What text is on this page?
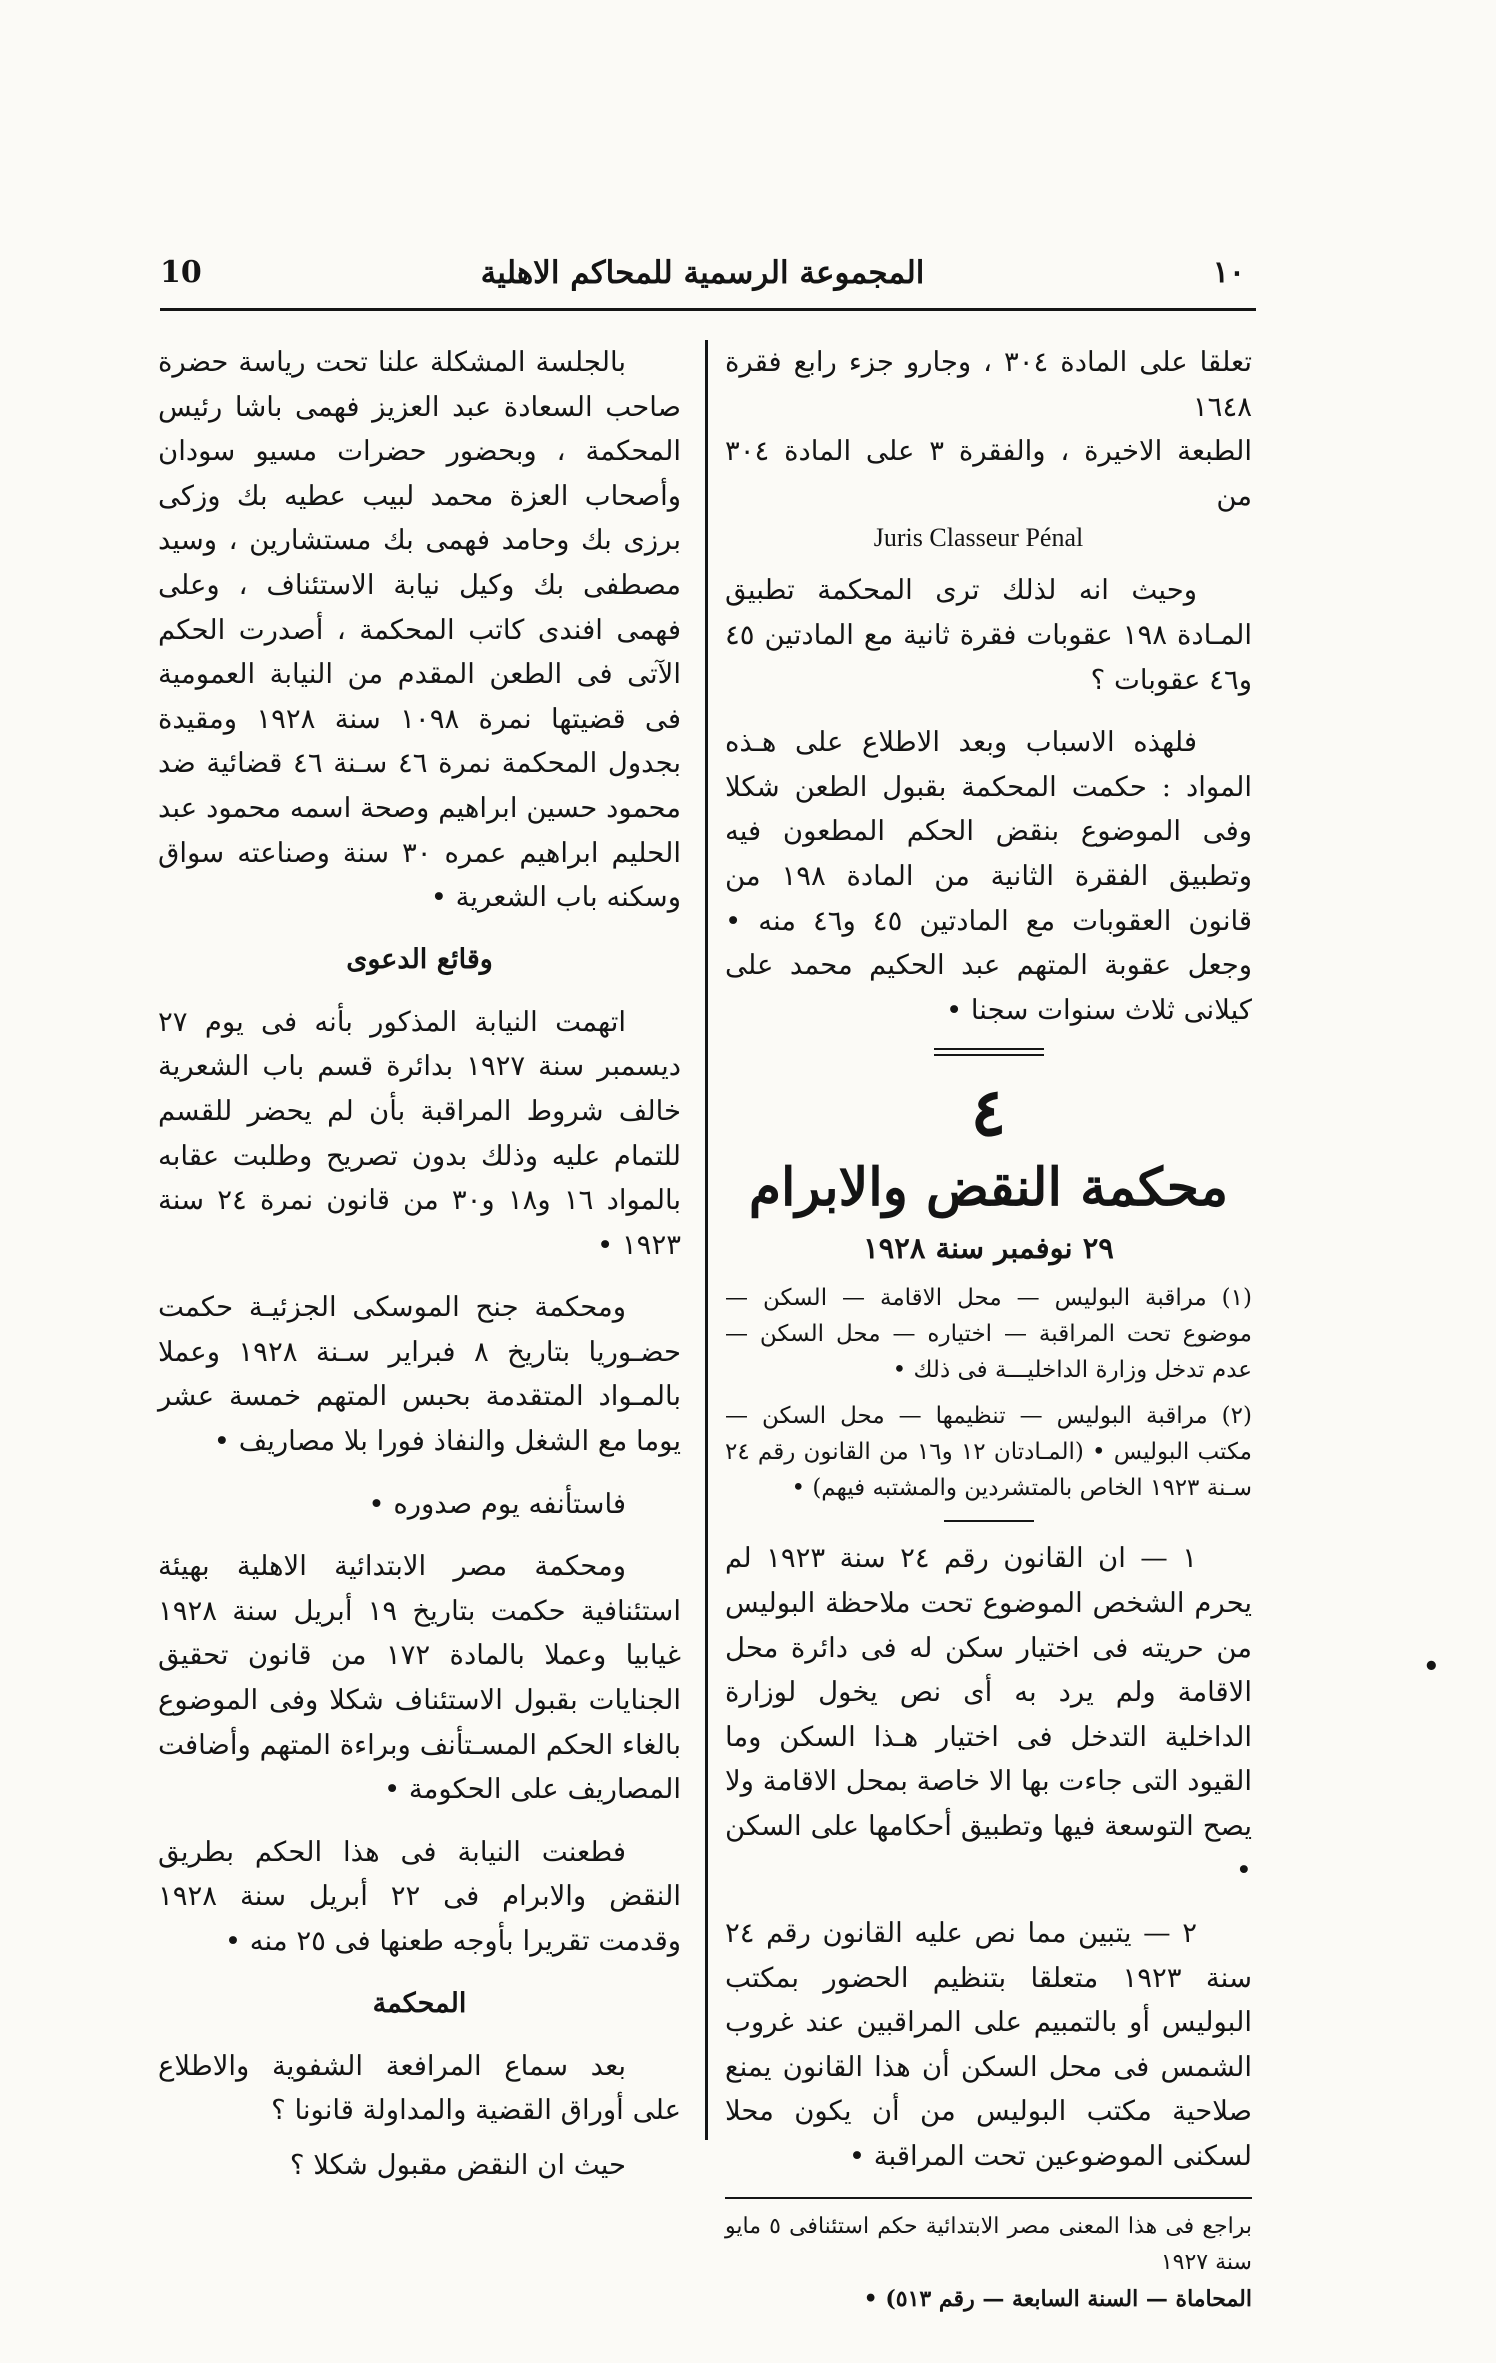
10	المجموعة الرسمية للمحاكم الاهلية	١٠

تعلقا على المادة ٣٠٤ ، وجارو جزء رابع فقرة ١٦٤٨

الطبعة الاخيرة ، والفقرة ٣ على المادة ٣٠٤ من

Juris Classeur Pénal

وحيث انه لذلك ترى المحكمة تطبيق المـادة ١٩٨ عقوبات فقرة ثانية مع المادتين ٤٥ و٤٦ عقوبات ؟

فلهذه الاسباب وبعد الاطلاع على هـذه المواد : حكمت المحكمة بقبول الطعن شكلا وفى الموضوع بنقض الحكم المطعون فيه وتطبيق الفقرة الثانية من المادة ١٩٨ من قانون العقوبات مع المادتين ٤٥ و٤٦ منه • وجعل عقوبة المتهم عبد الحكيم محمد على كيلانى ثلاث سنوات سجنا •

٤
محكمة النقض والابرام
٢٩ نوفمبر سنة ١٩٢٨

(١) مراقبة البوليس — محل الاقامة — السكن — موضوع تحت المراقبة — اختياره — محل السكن — عدم تدخل وزارة الداخليـــة فى ذلك •

(٢) مراقبة البوليس — تنظيمها — محل السكن — مكتب البوليس • (المـادتان ١٢ و١٦ من القانون رقم ٢٤ سـنة ١٩٢٣ الخاص بالمتشردين والمشتبه فيهم) •

١ — ان القانون رقم ٢٤ سنة ١٩٢٣ لم يحرم الشخص الموضوع تحت ملاحظة البوليس من حريته فى اختيار سكن له فى دائرة محل الاقامة ولم يرد به أى نص يخول لوزارة الداخلية التدخل فى اختيار هـذا السكن وما القيود التى جاءت بها الا خاصة بمحل الاقامة ولا يصح التوسعة فيها وتطبيق أحكامها على السكن •

٢ — يتبين مما نص عليه القانون رقم ٢٤ سنة ١٩٢٣ متعلقا بتنظيم الحضور بمكتب البوليس أو بالتمبيم على المراقبين عند غروب الشمس فى محل السكن أن هذا القانون يمنع صلاحية مكتب البوليس من أن يكون محلا لسكنى الموضوعين تحت المراقبة •

براجع فى هذا المعنى مصر الابتدائية حكم استئنافى ٥ مايو سنة ١٩٢٧

المحاماة — السنة السابعة — رقم ٥١٣) •

بالجلسة المشكلة علنا تحت رياسة حضرة صاحب السعادة عبد العزيز فهمى باشا رئيس المحكمة ، وبحضور حضرات مسيو سودان وأصحاب العزة محمد لبيب عطيه بك وزكى برزى بك وحامد فهمى بك مستشارين ، وسيد مصطفى بك وكيل نيابة الاستئناف ، وعلى فهمى افندى كاتب المحكمة ، أصدرت الحكم الآتى فى الطعن المقدم من النيابة العمومية فى قضيتها نمرة ١٠٩٨ سنة ١٩٢٨ ومقيدة بجدول المحكمة نمرة ٤٦ سـنة ٤٦ قضائية ضد محمود حسين ابراهيم وصحة اسمه محمود عبد الحليم ابراهيم عمره ٣٠ سنة وصناعته سواق وسكنه باب الشعرية •

وقائع الدعوى

اتهمت النيابة المذكور بأنه فى يوم ٢٧ ديسمبر سنة ١٩٢٧ بدائرة قسم باب الشعرية خالف شروط المراقبة بأن لم يحضر للقسم للتمام عليه وذلك بدون تصريح وطلبت عقابه بالمواد ١٦ و١٨ و٣٠ من قانون نمرة ٢٤ سنة ١٩٢٣ •

ومحكمة جنح الموسكى الجزئيـة حكمت حضـوريا بتاريخ ٨ فبراير سـنة ١٩٢٨ وعملا بالمـواد المتقدمة بحبس المتهم خمسة عشر يوما مع الشغل والنفاذ فورا بلا مصاريف •

فاستأنفه يوم صدوره •

ومحكمة مصر الابتدائية الاهلية بهيئة استئنافية حكمت بتاريخ ١٩ أبريل سنة ١٩٢٨ غيابيا وعملا بالمادة ١٧٢ من قانون تحقيق الجنايات بقبول الاستئناف شكلا وفى الموضوع بالغاء الحكم المسـتأنف وبراءة المتهم وأضافت المصاريف على الحكومة •

فطعنت النيابة فى هذا الحكم بطريق النقض والابرام فى ٢٢ أبريل سنة ١٩٢٨ وقدمت تقريرا بأوجه طعنها فى ٢٥ منه •

المحكمة

بعد سماع المرافعة الشفوية والاطلاع على أوراق القضية والمداولة قانونا ؟

حيث ان النقض مقبول شكلا ؟

•
